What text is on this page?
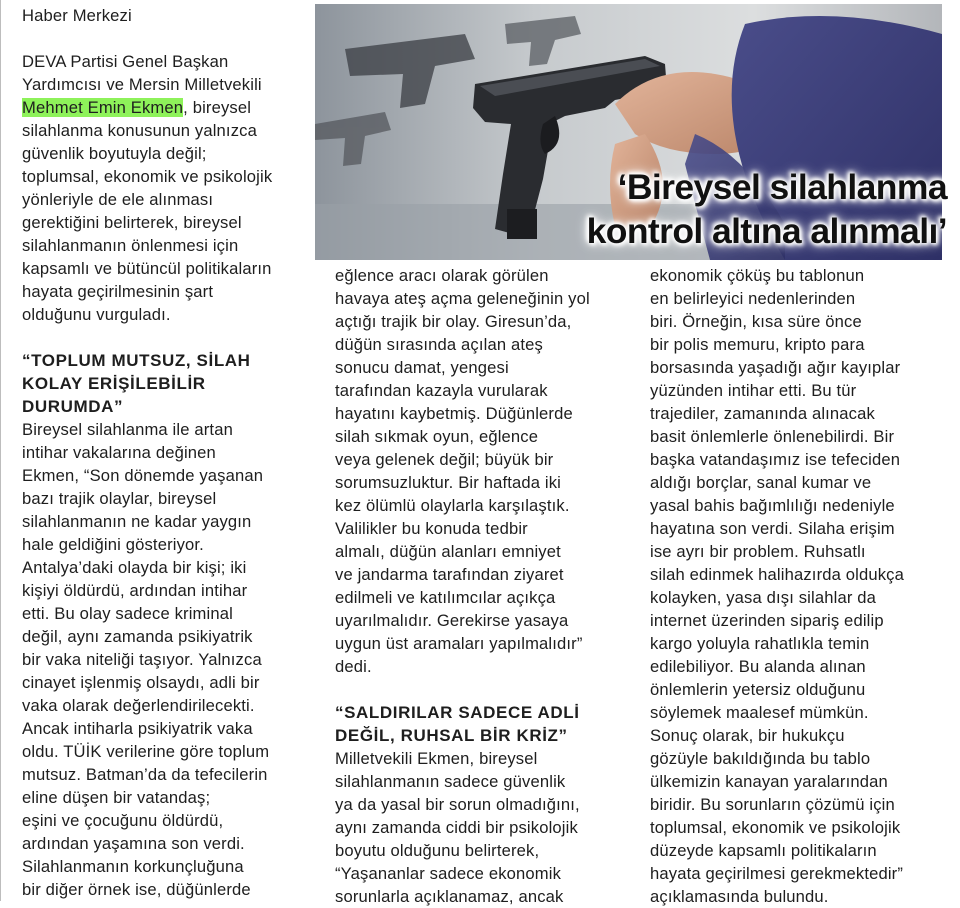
‘Bireysel silahlanma
kontrol altına alınmalı’
Haber Merkezi
DEVA Partisi Genel Başkan
Yardımcısı ve Mersin Milletvekili
Mehmet Emin Ekmen, bireysel
silahlanma konusunun yalnızca
güvenlik boyutuyla değil;
toplumsal, ekonomik ve psikolojik
yönleriyle de ele alınması
gerektiğini belirterek, bireysel
silahlanmanın önlenmesi için
kapsamlı ve bütüncül politikaların
hayata geçirilmesinin şart
olduğunu vurguladı.
“TOPLUM MUTSUZ, SİLAH
KOLAY ERİŞİLEBİLİR
DURUMDA”
Bireysel silahlanma ile artan
intihar vakalarına değinen
Ekmen, “Son dönemde yaşanan
bazı trajik olaylar, bireysel
silahlanmanın ne kadar yaygın
hale geldiğini gösteriyor.
Antalya’daki olayda bir kişi; iki
kişiyi öldürdü, ardından intihar
etti. Bu olay sadece kriminal
değil, aynı zamanda psikiyatrik
bir vaka niteliği taşıyor. Yalnızca
cinayet işlenmiş olsaydı, adli bir
vaka olarak değerlendirilecekti.
Ancak intiharla psikiyatrik vaka
oldu. TÜİK verilerine göre toplum
mutsuz. Batman’da da tefecilerin
eline düşen bir vatandaş;
eşini ve çocuğunu öldürdü,
ardından yaşamına son verdi.
Silahlanmanın korkunçluğuna
bir diğer örnek ise, düğünlerde
eğlence aracı olarak görülen
havaya ateş açma geleneğinin yol
açtığı trajik bir olay. Giresun’da,
düğün sırasında açılan ateş
sonucu damat, yengesi
tarafından kazayla vurularak
hayatını kaybetmiş. Düğünlerde
silah sıkmak oyun, eğlence
veya gelenek değil; büyük bir
sorumsuzluktur. Bir haftada iki
kez ölümlü olaylarla karşılaştık.
Valilikler bu konuda tedbir
almalı, düğün alanları emniyet
ve jandarma tarafından ziyaret
edilmeli ve katılımcılar açıkça
uyarılmalıdır. Gerekirse yasaya
uygun üst aramaları yapılmalıdır”
dedi.
“SALDIRILAR SADECE ADLİ
DEĞİL, RUHSAL BİR KRİZ”
Milletvekili Ekmen, bireysel
silahlanmanın sadece güvenlik
ya da yasal bir sorun olmadığını,
aynı zamanda ciddi bir psikolojik
boyutu olduğunu belirterek,
“Yaşananlar sadece ekonomik
sorunlarla açıklanamaz, ancak
ekonomik çöküş bu tablonun
en belirleyici nedenlerinden
biri. Örneğin, kısa süre önce
bir polis memuru, kripto para
borsasında yaşadığı ağır kayıplar
yüzünden intihar etti. Bu tür
trajediler, zamanında alınacak
basit önlemlerle önlenebilirdi. Bir
başka vatandaşımız ise tefeciden
aldığı borçlar, sanal kumar ve
yasal bahis bağımlılığı nedeniyle
hayatına son verdi. Silaha erişim
ise ayrı bir problem. Ruhsatlı
silah edinmek halihazırda oldukça
kolayken, yasa dışı silahlar da
internet üzerinden sipariş edilip
kargo yoluyla rahatlıkla temin
edilebiliyor. Bu alanda alınan
önlemlerin yetersiz olduğunu
söylemek maalesef mümkün.
Sonuç olarak, bir hukukçu
gözüyle bakıldığında bu tablo
ülkemizin kanayan yaralarından
biridir. Bu sorunların çözümü için
toplumsal, ekonomik ve psikolojik
düzeyde kapsamlı politikaların
hayata geçirilmesi gerekmektedir”
açıklamasında bulundu.
